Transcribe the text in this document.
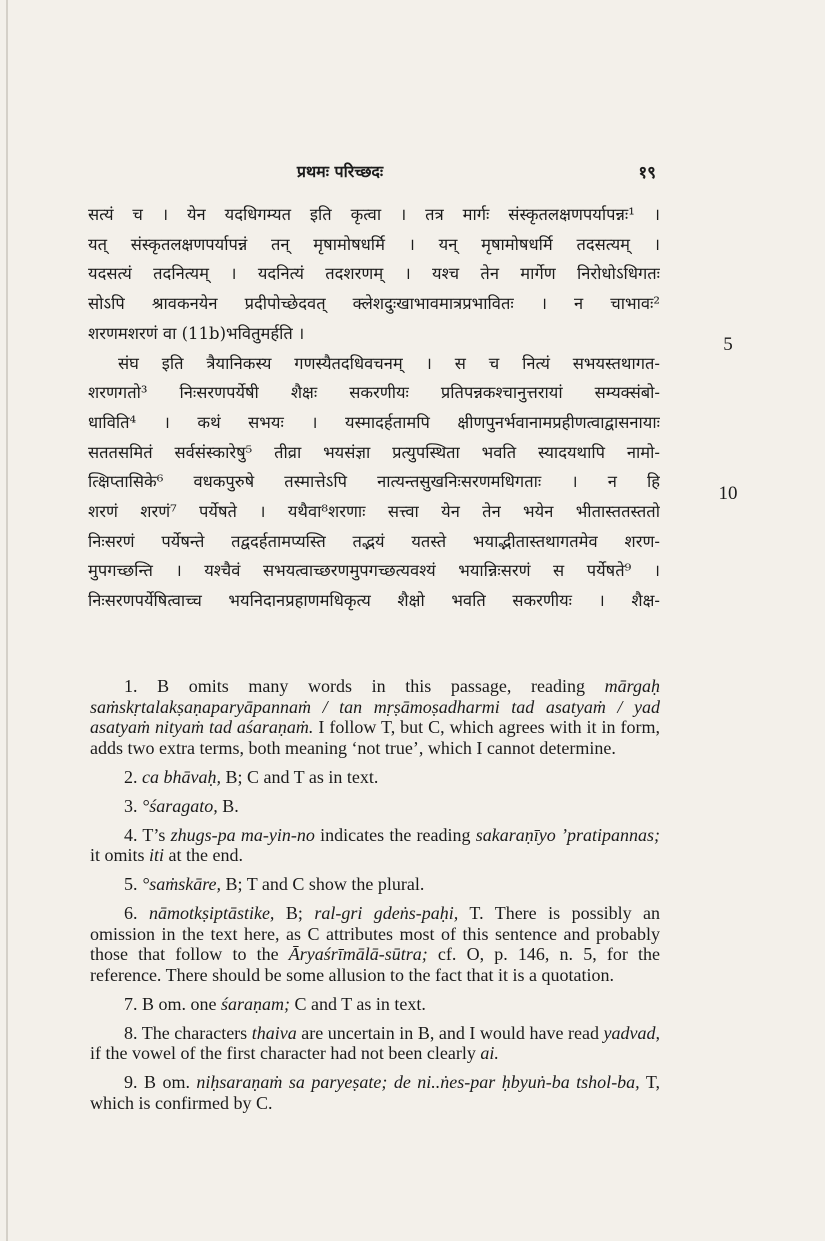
प्रथमः परिच्छदः	१९
सत्यं च । येन यदधिगम्यत इति कृत्वा । तत्र मार्गः संस्कृतलक्षणपर्यापन्नः¹ ।
यत् संस्कृतलक्षणपर्यापन्नं तन् मृषामोषधर्मि । यन् मृषामोषधर्मि तदसत्यम् ।
यदसत्यं तदनित्यम् । यदनित्यं तदशरणम् । यश्च तेन मार्गेण निरोधोऽधिगतः
सोऽपि श्रावकनयेन प्रदीपोच्छेदवत् क्लेशदुःखाभावमात्रप्रभावितः । न चाभावः²
शरणमशरणं वा (11b)भवितुमर्हति ।
संघ इति त्रैयानिकस्य गणस्यैतदधिवचनम् । स च नित्यं सभयस्तथागत-
शरणगतो³ निःसरणपर्येषी शैक्षः सकरणीयः प्रतिपन्नकश्चानुत्तरायां सम्यक्संबो-
धाविति⁴ । कथं सभयः । यस्मादर्हतामपि क्षीणपुनर्भवानामप्रहीणत्वाद्वासनायाः
सततसमितं सर्वसंस्कारेषु⁵ तीव्रा भयसंज्ञा प्रत्युपस्थिता भवति स्यादयथापि नामो-
त्क्षिप्तासिके⁶ वधकपुरुषे तस्मात्तेऽपि नात्यन्तसुखनिःसरणमधिगताः । न हि
शरणं शरणं⁷ पर्येषते । यथैवा⁸शरणाः सत्त्वा येन तेन भयेन भीतास्ततस्ततो
निःसरणं पर्येषन्ते तद्वदर्हतामप्यस्ति तद्भयं यतस्ते भयाद्भीतास्तथागतमेव शरण-
मुपगच्छन्ति । यश्चैवं सभयत्वाच्छरणमुपगच्छत्यवश्यं भयान्निःसरणं स पर्येषते⁹ ।
निःसरणपर्येषित्वाच्च भयनिदानप्रहाणमधिकृत्य शैक्षो भवति सकरणीयः । शैक्ष-
5
10

1. B omits many words in this passage, reading mārgaḥ saṁskṛtalakṣaṇaparyāpannaṁ / tan mṛṣāmoṣadharmi tad asatyaṁ / yad asatyaṁ nityaṁ tad aśaraṇaṁ. I follow T, but C, which agrees with it in form, adds two extra terms, both meaning ‘not true’, which I cannot determine.

2. ca bhāvaḥ, B; C and T as in text.

3. °śaragato, B.

4. T’s zhugs-pa ma-yin-no indicates the reading sakaraṇīyo ’pratipannas; it omits iti at the end.

5. °saṁskāre, B; T and C show the plural.

6. nāmotkṣiptāstike, B; ral-gri gdeṅs-paḥi, T. There is possibly an omission in the text here, as C attributes most of this sentence and probably those that follow to the Āryaśrīmālā-sūtra; cf. O, p. 146, n. 5, for the reference. There should be some allusion to the fact that it is a quotation.

7. B om. one śaraṇam; C and T as in text.

8. The characters thaiva are uncertain in B, and I would have read yadvad, if the vowel of the first character had not been clearly ai.

9. B om. niḥsaraṇaṁ sa paryeṣate; de ni..ṅes-par ḥbyuṅ-ba tshol-ba, T, which is confirmed by C.
